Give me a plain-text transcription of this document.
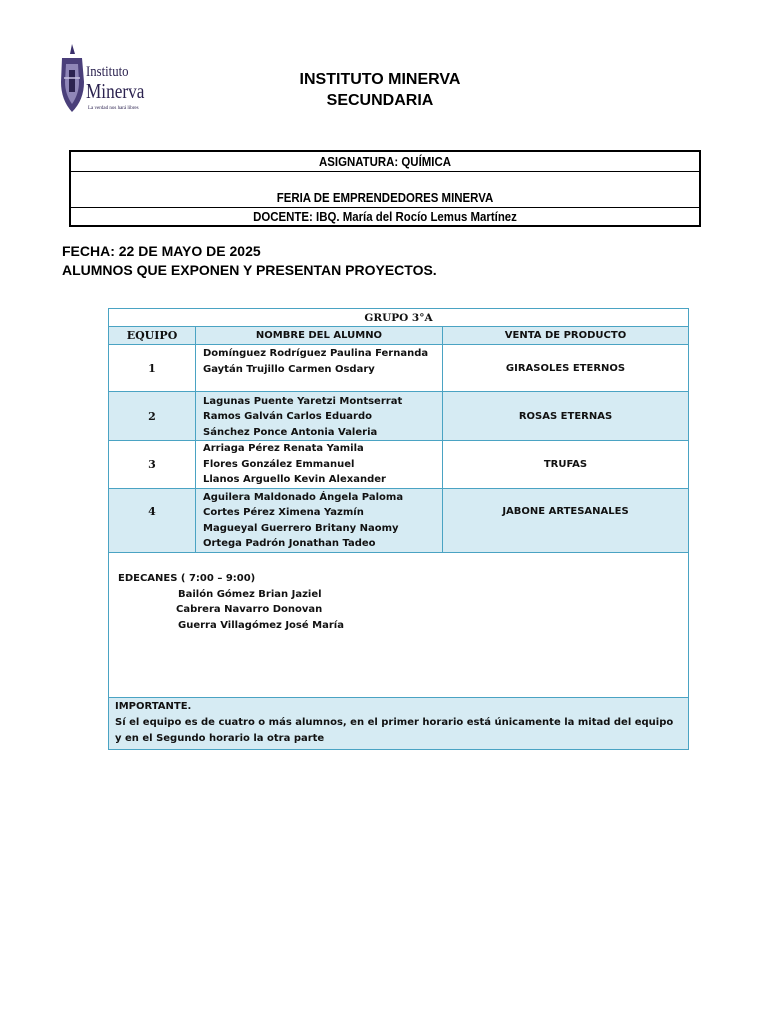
Instituto
Minerva
La verdad nos hará libres
INSTITUTO MINERVA
SECUNDARIA
ASIGNATURA: QUÍMICA
FERIA DE EMPRENDEDORES MINERVA
DOCENTE: IBQ. María del Rocío Lemus Martínez
FECHA: 22 DE MAYO DE 2025
ALUMNOS QUE EXPONEN Y PRESENTAN PROYECTOS.
GRUPO 3°A		
EQUIPO	NOMBRE DEL ALUMNO	VENTA DE PRODUCTO
1	Domínguez Rodríguez Paulina Fernanda
Gaytán Trujillo Carmen Osdary	GIRASOLES ETERNOS
2	Lagunas Puente Yaretzi Montserrat
Ramos Galván Carlos Eduardo
Sánchez Ponce Antonia Valeria	ROSAS ETERNAS
3	Arriaga Pérez Renata Yamila
Flores González Emmanuel
Llanos Arguello Kevin Alexander	TRUFAS
4	Aguilera Maldonado Ángela Paloma
Cortes Pérez Ximena Yazmín
Magueyal Guerrero Britany Naomy
Ortega Padrón Jonathan Tadeo	JABONE ARTESANALES

EDECANES ( 7:00 – 9:00)
Bailón Gómez Brian Jaziel
Cabrera Navarro Donovan
Guerra Villagómez José María		

IMPORTANTE.
Sí el equipo es de cuatro o más alumnos, en el primer horario está únicamente la mitad del equipo y en el Segundo horario la otra parte		
